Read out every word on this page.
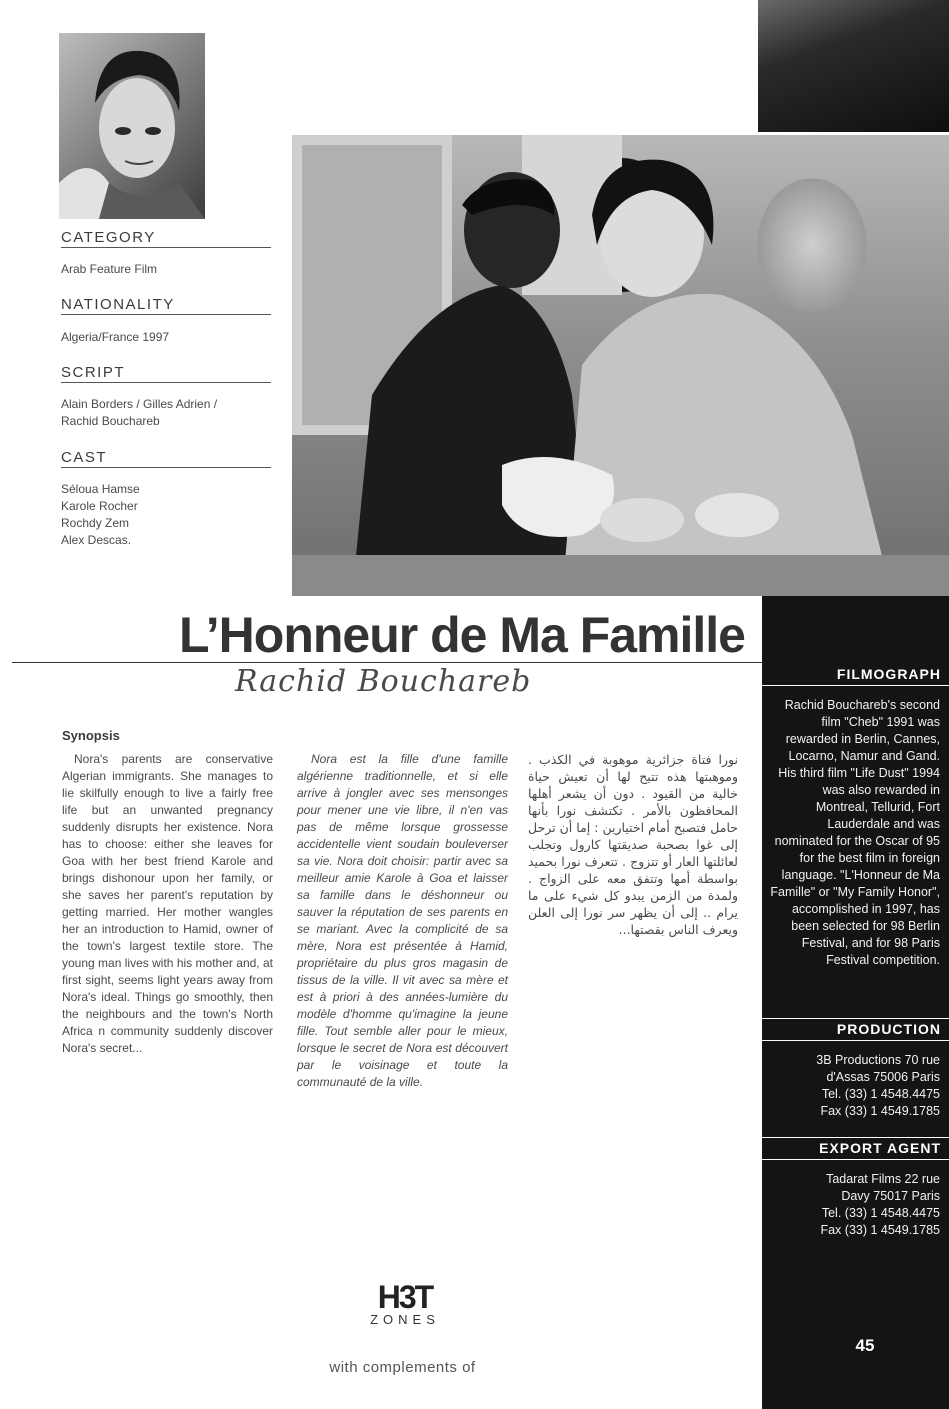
CATEGORY
Arab Feature Film
NATIONALITY
Algeria/France 1997
SCRIPT
Alain Borders / Gilles Adrien /
Rachid Bouchareb
CAST
Séloua Hamse
Karole Rocher
Rochdy Zem
Alex Descas.
L’Honneur de Ma Famille
Rachid Bouchareb	FILMOGRAPH
Rachid Bouchareb's second film "Cheb" 1991 was rewarded in Berlin, Cannes, Locarno, Namur and Gand. His third film "Life Dust" 1994 was also rewarded in Montreal, Tellurid, Fort Lauderdale and was nominated for the Oscar of 95 for the best film in foreign language. "L'Honneur de Ma Famille" or "My Family Honor", accomplished in 1997, has been selected for 98 Berlin Festival, and for 98 Paris Festival competition.
PRODUCTION
3B Productions 70 rue
d'Assas 75006 Paris
Tel. (33) 1 4548.4475
Fax (33) 1 4549.1785
EXPORT AGENT
Tadarat Films 22 rue
Davy 75017 Paris
Tel. (33) 1 4548.4475
Fax (33) 1 4549.1785
45
Synopsis
Nora's parents are conservative Algerian immigrants. She manages to lie skilfully enough to live a fairly free life but an unwanted pregnancy suddenly disrupts her existence. Nora has to choose: either she leaves for Goa with her best friend Karole and brings dishonour upon her family, or she saves her parent's reputation by getting married. Her mother wangles her an introduction to Hamid, owner of the town's largest textile store. The young man lives with his mother and, at first sight, seems light years away from Nora's ideal. Things go smoothly, then the neighbours and the town's North Africa n community suddenly discover Nora's secret...
Nora est la fille d'une famille algérienne traditionnelle, et si elle arrive à jongler avec ses mensonges pour mener une vie libre, il n'en vas pas de même lorsque grossesse accidentelle vient soudain bouleverser sa vie. Nora doit choisir: partir avec sa meilleur amie Karole à Goa et laisser sa famille dans le déshonneur ou sauver la réputation de ses parents en se mariant. Avec la complicité de sa mère, Nora est présentée à Hamid, propriétaire du plus gros magasin de tissus de la ville. Il vit avec sa mère et est à priori à des années-lumière du modèle d'homme qu'imagine la jeune fille. Tout semble aller pour le mieux, lorsque le secret de Nora est découvert par le voisinage et toute la communauté de la ville.
نورا فتاة جزائرية موهوبة في الكذب . وموهبتها هذه تتيح لها أن تعيش حياة خالية من القيود . دون أن يشعر أهلها المحافظون بالأمر . تكتشف نورا بأنها حامل فتصبح أمام اختيارين : إما أن ترحل إلى غوا بصحبة صديقتها كارول وتجلب لعائلتها العار أو تتزوج . تتعرف نورا بحميد بواسطة أمها وتتفق معه على الزواج . ولمدة من الزمن يبدو كل شيء على ما يرام .. إلى أن يظهر سر نورا إلى العلن ويعرف الناس بقصتها...
H3T
ZONES
with complements of
